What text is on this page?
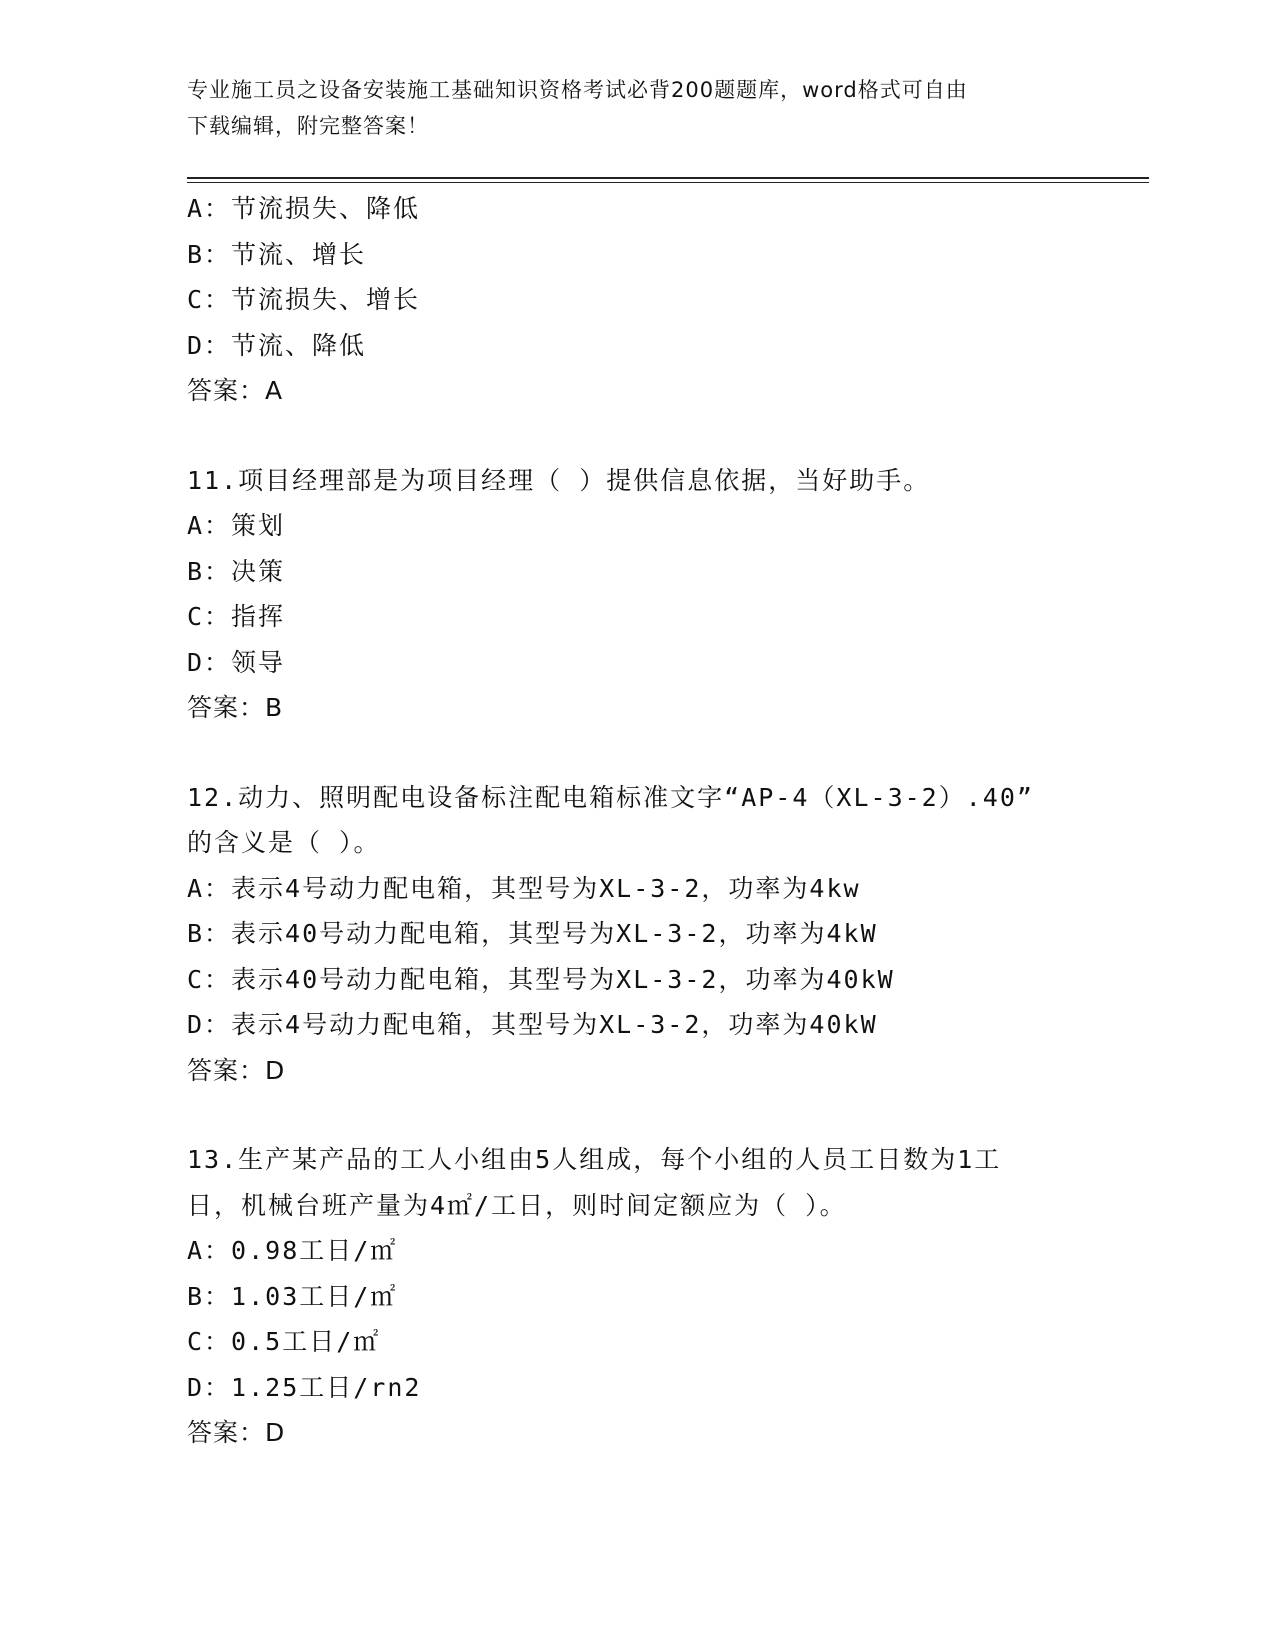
专业施工员之设备安装施工基础知识资格考试必背200题题库，word格式可自由
下载编辑，附完整答案！
A：节流损失、降低
B：节流、增长
C：节流损失、增长
D：节流、降低
答案：A
11.项目经理部是为项目经理（ ）提供信息依据，当好助手。
A：策划
B：决策
C：指挥
D：领导
答案：B
12.动力、照明配电设备标注配电箱标准文字“AP-4（XL-3-2）.40”
的含义是（ ）。
A：表示4号动力配电箱，其型号为XL-3-2，功率为4kw
B：表示40号动力配电箱，其型号为XL-3-2，功率为4kW
C：表示40号动力配电箱，其型号为XL-3-2，功率为40kW
D：表示4号动力配电箱，其型号为XL-3-2，功率为40kW
答案：D
13.生产某产品的工人小组由5人组成，每个小组的人员工日数为1工
日，机械台班产量为4㎡/工日，则时间定额应为（ ）。
A：0.98工日/㎡
B：1.03工日/㎡
C：0.5工日/㎡
D：1.25工日/rn2
答案：D
